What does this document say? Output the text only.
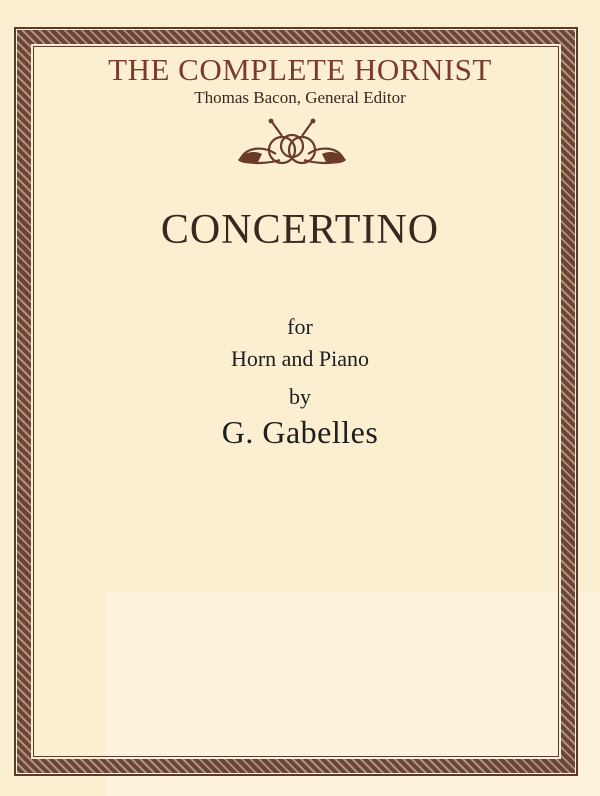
THE COMPLETE HORNIST
Thomas Bacon, General Editor
CONCERTINO
for
Horn and Piano
by
G. Gabelles
